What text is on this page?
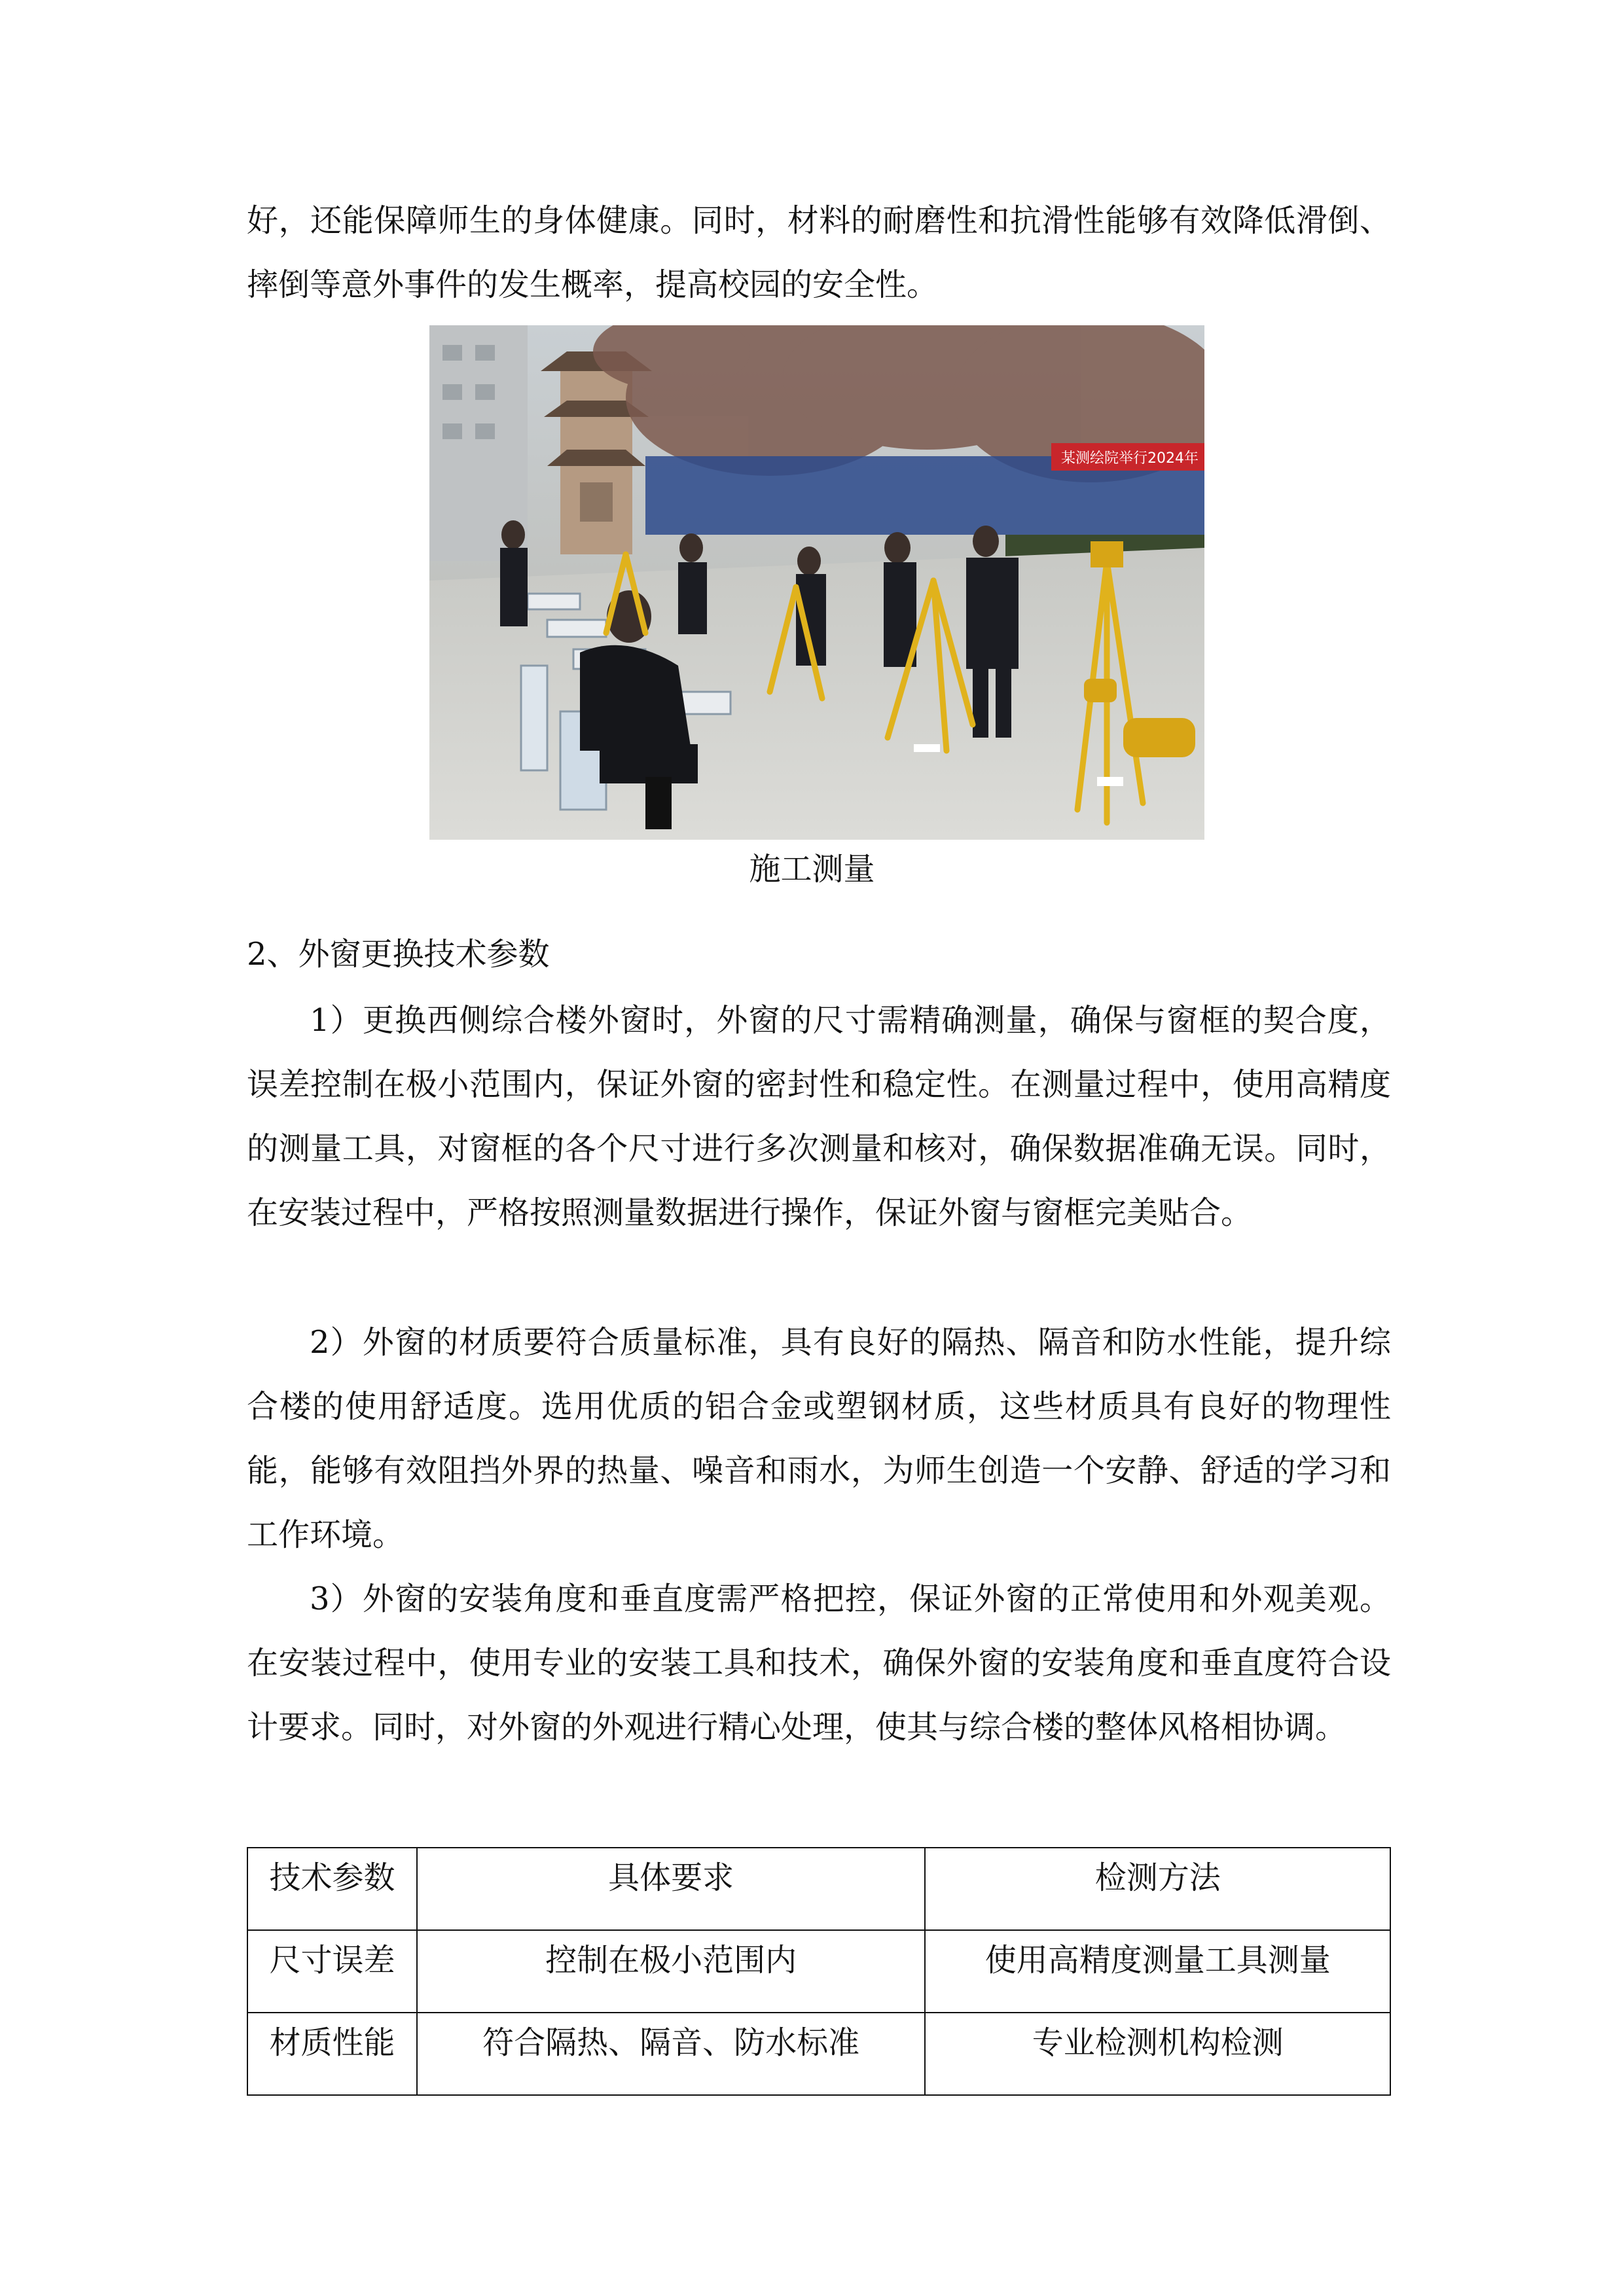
好，还能保障师生的身体健康。同时，材料的耐磨性和抗滑性能够有效降低滑倒、摔倒等意外事件的发生概率，提高校园的安全性。

某测绘院举行2024年
施工测量

2、外窗更换技术参数

1）更换西侧综合楼外窗时，外窗的尺寸需精确测量，确保与窗框的契合度，误差控制在极小范围内，保证外窗的密封性和稳定性。在测量过程中，使用高精度的测量工具，对窗框的各个尺寸进行多次测量和核对，确保数据准确无误。同时，在安装过程中，严格按照测量数据进行操作，保证外窗与窗框完美贴合。

2）外窗的材质要符合质量标准，具有良好的隔热、隔音和防水性能，提升综合楼的使用舒适度。选用优质的铝合金或塑钢材质，这些材质具有良好的物理性能，能够有效阻挡外界的热量、噪音和雨水，为师生创造一个安静、舒适的学习和工作环境。

3）外窗的安装角度和垂直度需严格把控，保证外窗的正常使用和外观美观。在安装过程中，使用专业的安装工具和技术，确保外窗的安装角度和垂直度符合设计要求。同时，对外窗的外观进行精心处理，使其与综合楼的整体风格相协调。

技术参数	具体要求	检测方法
尺寸误差	控制在极小范围内	使用高精度测量工具测量
材质性能	符合隔热、隔音、防水标准	专业检测机构检测
